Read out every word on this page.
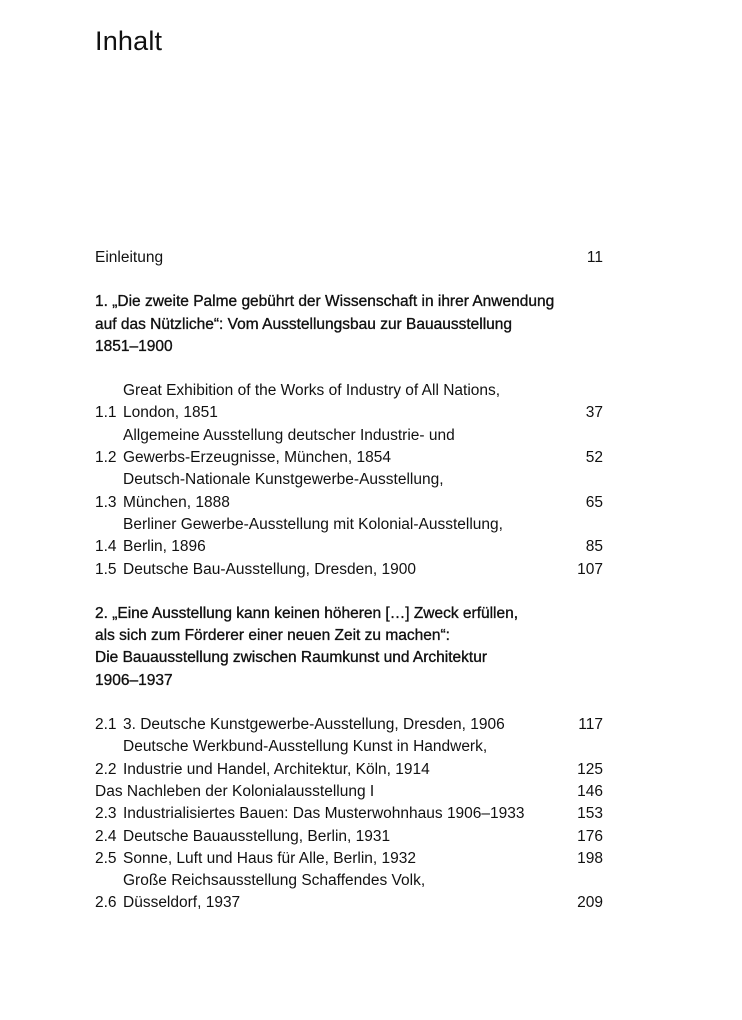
Inhalt
Einleitung	11
1. „Die zweite Palme gebührt der Wissenschaft in ihrer Anwendung
auf das Nützliche“: Vom Ausstellungsbau zur Bauausstellung
1851–1900
1.1
Great Exhibition of the Works of Industry of All Nations,
London, 1851	37
1.2
Allgemeine Ausstellung deutscher Industrie- und
Gewerbs-Erzeugnisse, München, 1854	52
1.3
Deutsch-Nationale Kunstgewerbe-Ausstellung,
München, 1888	65
1.4
Berliner Gewerbe-Ausstellung mit Kolonial-Ausstellung,
Berlin, 1896	85
1.5 Deutsche Bau-Ausstellung, Dresden, 1900	107
2. „Eine Ausstellung kann keinen höheren […] Zweck erfüllen,
als sich zum Förderer einer neuen Zeit zu machen“:
Die Bauausstellung zwischen Raumkunst und Architektur
1906–1937
2.1 3. Deutsche Kunstgewerbe-Ausstellung, Dresden, 1906	117
2.2
Deutsche Werkbund-Ausstellung Kunst in Handwerk,
Industrie und Handel, Architektur, Köln, 1914	125
Das Nachleben der Kolonialausstellung I	146
2.3 Industrialisiertes Bauen: Das Musterwohnhaus 1906–1933	153
2.4 Deutsche Bauausstellung, Berlin, 1931	176
2.5 Sonne, Luft und Haus für Alle, Berlin, 1932	198
2.6
Große Reichsausstellung Schaffendes Volk,
Düsseldorf, 1937	209
